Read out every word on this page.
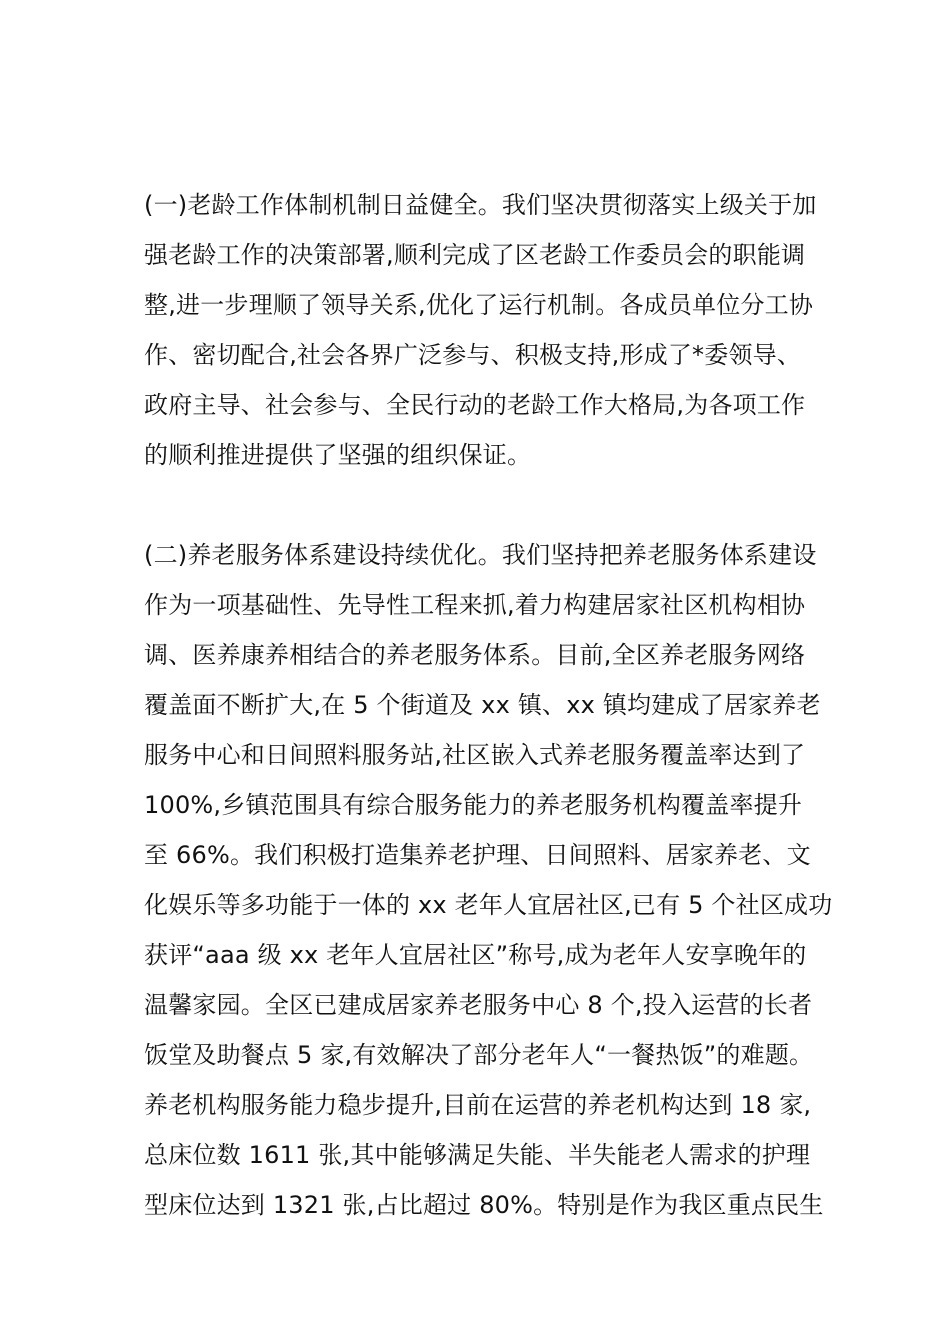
(一)老龄工作体制机制日益健全。我们坚决贯彻落实上级关于加
强老龄工作的决策部署,顺利完成了区老龄工作委员会的职能调
整,进一步理顺了领导关系,优化了运行机制。各成员单位分工协
作、密切配合,社会各界广泛参与、积极支持,形成了*委领导、
政府主导、社会参与、全民行动的老龄工作大格局,为各项工作
的顺利推进提供了坚强的组织保证。
(二)养老服务体系建设持续优化。我们坚持把养老服务体系建设
作为一项基础性、先导性工程来抓,着力构建居家社区机构相协
调、医养康养相结合的养老服务体系。目前,全区养老服务网络
覆盖面不断扩大,在 5 个街道及 xx 镇、xx 镇均建成了居家养老
服务中心和日间照料服务站,社区嵌入式养老服务覆盖率达到了
100%,乡镇范围具有综合服务能力的养老服务机构覆盖率提升
至 66%。我们积极打造集养老护理、日间照料、居家养老、文
化娱乐等多功能于一体的 xx 老年人宜居社区,已有 5 个社区成功
获评“aaa 级 xx 老年人宜居社区”称号,成为老年人安享晚年的
温馨家园。全区已建成居家养老服务中心 8 个,投入运营的长者
饭堂及助餐点 5 家,有效解决了部分老年人“一餐热饭”的难题。
养老机构服务能力稳步提升,目前在运营的养老机构达到 18 家,
总床位数 1611 张,其中能够满足失能、半失能老人需求的护理
型床位达到 1321 张,占比超过 80%。特别是作为我区重点民生
